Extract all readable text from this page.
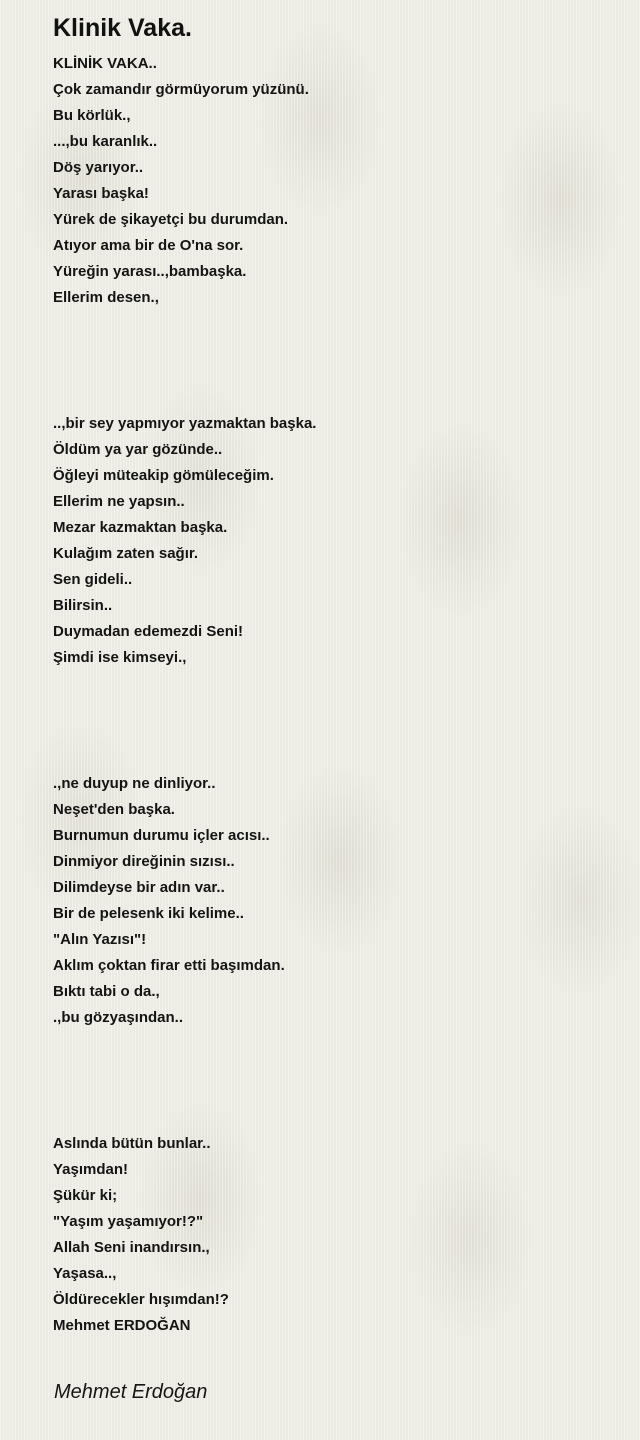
Klinik Vaka.
KLİNİK VAKA..
Çok zamandır görmüyorum yüzünü.
Bu körlük.,
...,bu karanlık..
Döş yarıyor..
Yarası başka!
Yürek de şikayetçi bu durumdan.
Atıyor ama bir de O'na sor.
Yüreğin yarası..,bambaşka.
Ellerim desen.,
..,bir sey yapmıyor yazmaktan başka.
Öldüm ya yar gözünde..
Öğleyi müteakip gömüleceğim.
Ellerim ne yapsın..
Mezar kazmaktan başka.
Kulağım zaten sağır.
Sen gideli..
Bilirsin..
Duymadan edemezdi Seni!
Şimdi ise kimseyi.,
.,ne duyup ne dinliyor..
Neşet'den başka.
Burnumun durumu içler acısı..
Dinmiyor direğinin sızısı..
Dilimdeyse bir adın var..
Bir de pelesenk iki kelime..
"Alın Yazısı"!
Aklım çoktan firar etti başımdan.
Bıktı tabi o da.,
.,bu gözyaşından..
Aslında bütün bunlar..
Yaşımdan!
Şükür ki;
"Yaşım yaşamıyor!?"
Allah Seni inandırsın.,
Yaşasa..,
Öldürecekler hışımdan!?
Mehmet ERDOĞAN
Mehmet Erdoğan
